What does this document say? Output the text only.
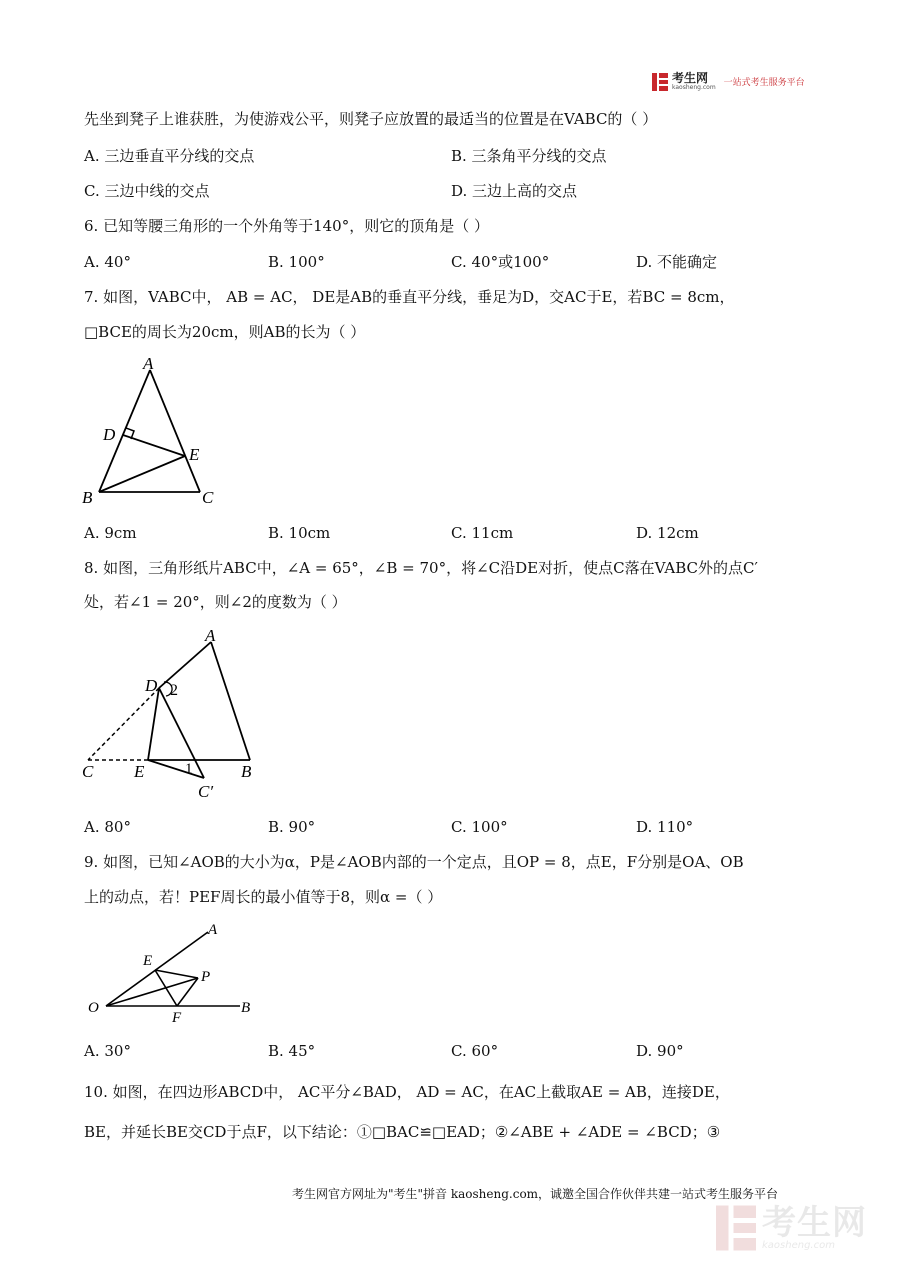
考生网
kaosheng.com 一站式考生服务平台
先坐到凳子上谁获胜，为使游戏公平，则凳子应放置的最适当的位置是在VABC的（ ）
A. 三边垂直平分线的交点	B. 三条角平分线的交点
C. 三边中线的交点	D. 三边上高的交点
6. 已知等腰三角形的一个外角等于140°，则它的顶角是（ ）
A. 40°	B. 100°	C. 40°或100°	D. 不能确定
7. 如图，VABC中， AB = AC， DE是AB的垂直平分线，垂足为D，交AC于E，若BC = 8cm，
□BCE的周长为20cm，则AB的长为（ ）
A
D
E
B	C
A. 9cm	B. 10cm	C. 11cm	D. 12cm
8. 如图，三角形纸片ABC中，∠A = 65°，∠B = 70°，将∠C沿DE对折，使点C落在VABC外的点C′
处，若∠1 = 20°，则∠2的度数为（ ）
A
D 2
C E	1	B
C′
A. 80°	B. 90°	C. 100°	D. 110°
9. 如图，已知∠AOB的大小为α，P是∠AOB内部的一个定点，且OP = 8，点E，F分别是OA、OB
上的动点，若！PEF周长的最小值等于8，则α =（ ）
A
E
P
O
F
B
A. 30°	B. 45°	C. 60°	D. 90°
10. 如图，在四边形ABCD中， AC平分∠BAD， AD = AC，在AC上截取AE = AB，连接DE，
BE，并延长BE交CD于点F，以下结论：①□BAC≌□EAD；②∠ABE + ∠ADE = ∠BCD；③
考生网官方网址为"考生"拼音 kaosheng.com，诚邀全国合作伙伴共建一站式考生服务平台
考生网
kaosheng.com
